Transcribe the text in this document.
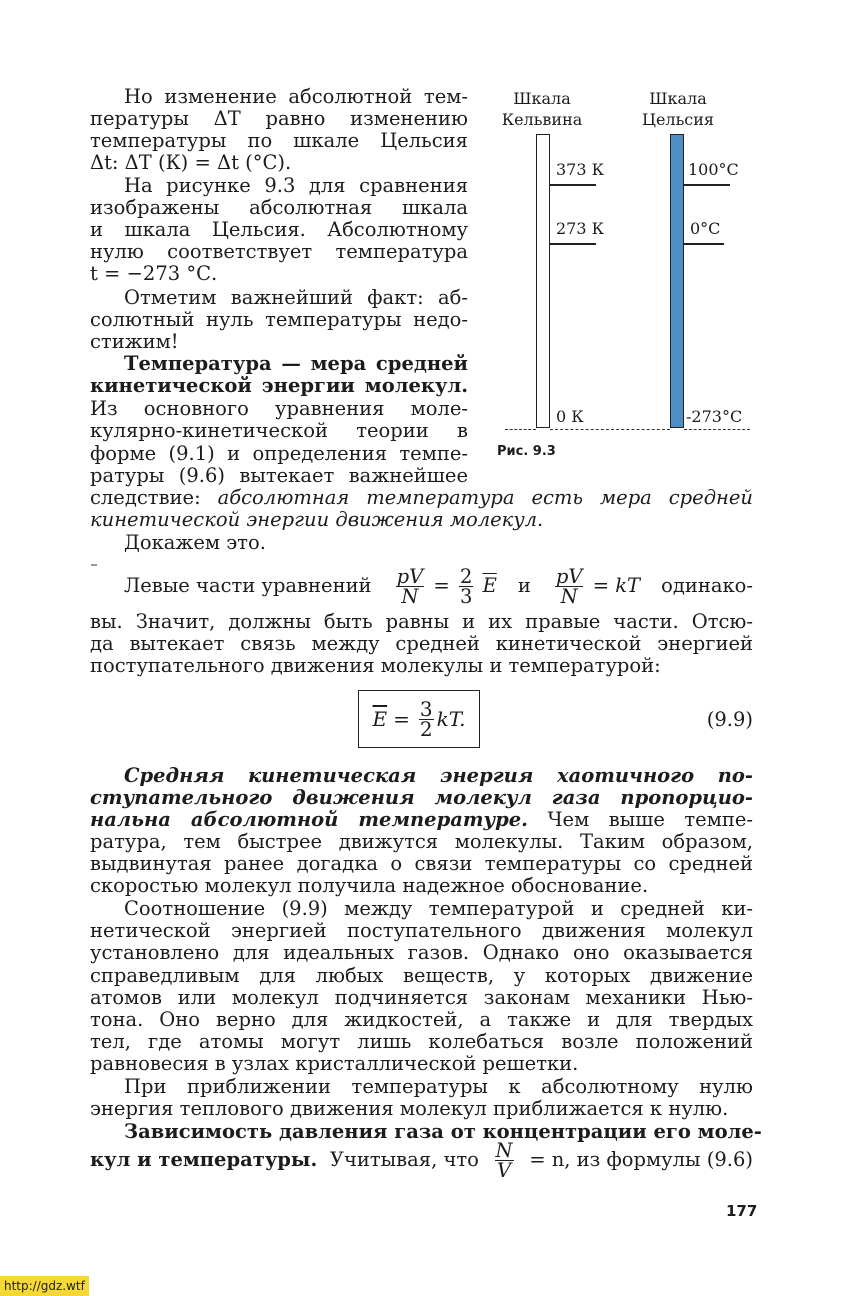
Шкала
Кельвина
Шкала
Цельсия
373 К
273 К
0 К
100°C
0°C
-273°C
Рис. 9.3
Но изменение абсолютной тем-
пературы ΔT равно изменению
температуры по шкале Цельсия
Δt: ΔT (К) = Δt (°С).
На рисунке 9.3 для сравнения
изображены абсолютная шкала
и шкала Цельсия. Абсолютному
нулю соответствует температура
t = −273 °С.
Отметим важнейший факт: аб-
солютный нуль температуры недо-
стижим!
Температура — мера средней
кинетической энергии молекул.
Из основного уравнения моле-
кулярно-кинетической теории в
форме (9.1) и определения темпе-
ратуры (9.6) вытекает важнейшее
следствие: абсолютная температура есть мера средней
кинетической энергии движения молекул.
Докажем это.
Левые части уравнений $\frac{pV}{N} = \frac{2}{3} \overline{E}$ и $\frac{pV}{N}$ = kT одинако-
вы. Значит, должны быть равны и их правые части. Отсю-
да вытекает связь между средней кинетической энергией
поступательного движения молекулы и температурой:
$\overline{E} = \frac{3}{2}$ kT.	(9.9)
Средняя кинетическая энергия хаотичного по-
ступательного движения молекул газа пропорцио-
нальна абсолютной температуре. Чем выше темпе-
ратура, тем быстрее движутся молекулы. Таким образом,
выдвинутая ранее догадка о связи температуры со средней
скоростью молекул получила надежное обоснование.
Соотношение (9.9) между температурой и средней ки-
нетической энергией поступательного движения молекул
установлено для идеальных газов. Однако оно оказывается
справедливым для любых веществ, у которых движение
атомов или молекул подчиняется законам механики Нью-
тона. Оно верно для жидкостей, а также и для твердых
тел, где атомы могут лишь колебаться возле положений
равновесия в узлах кристаллической решетки.
При приближении температуры к абсолютному нулю
энергия теплового движения молекул приближается к нулю.
Зависимость давления газа от концентрации его моле-
кул и температуры. Учитывая, что $\frac{N}{V} = n$, из формулы (9.6)
177
http://gdz.wtf
